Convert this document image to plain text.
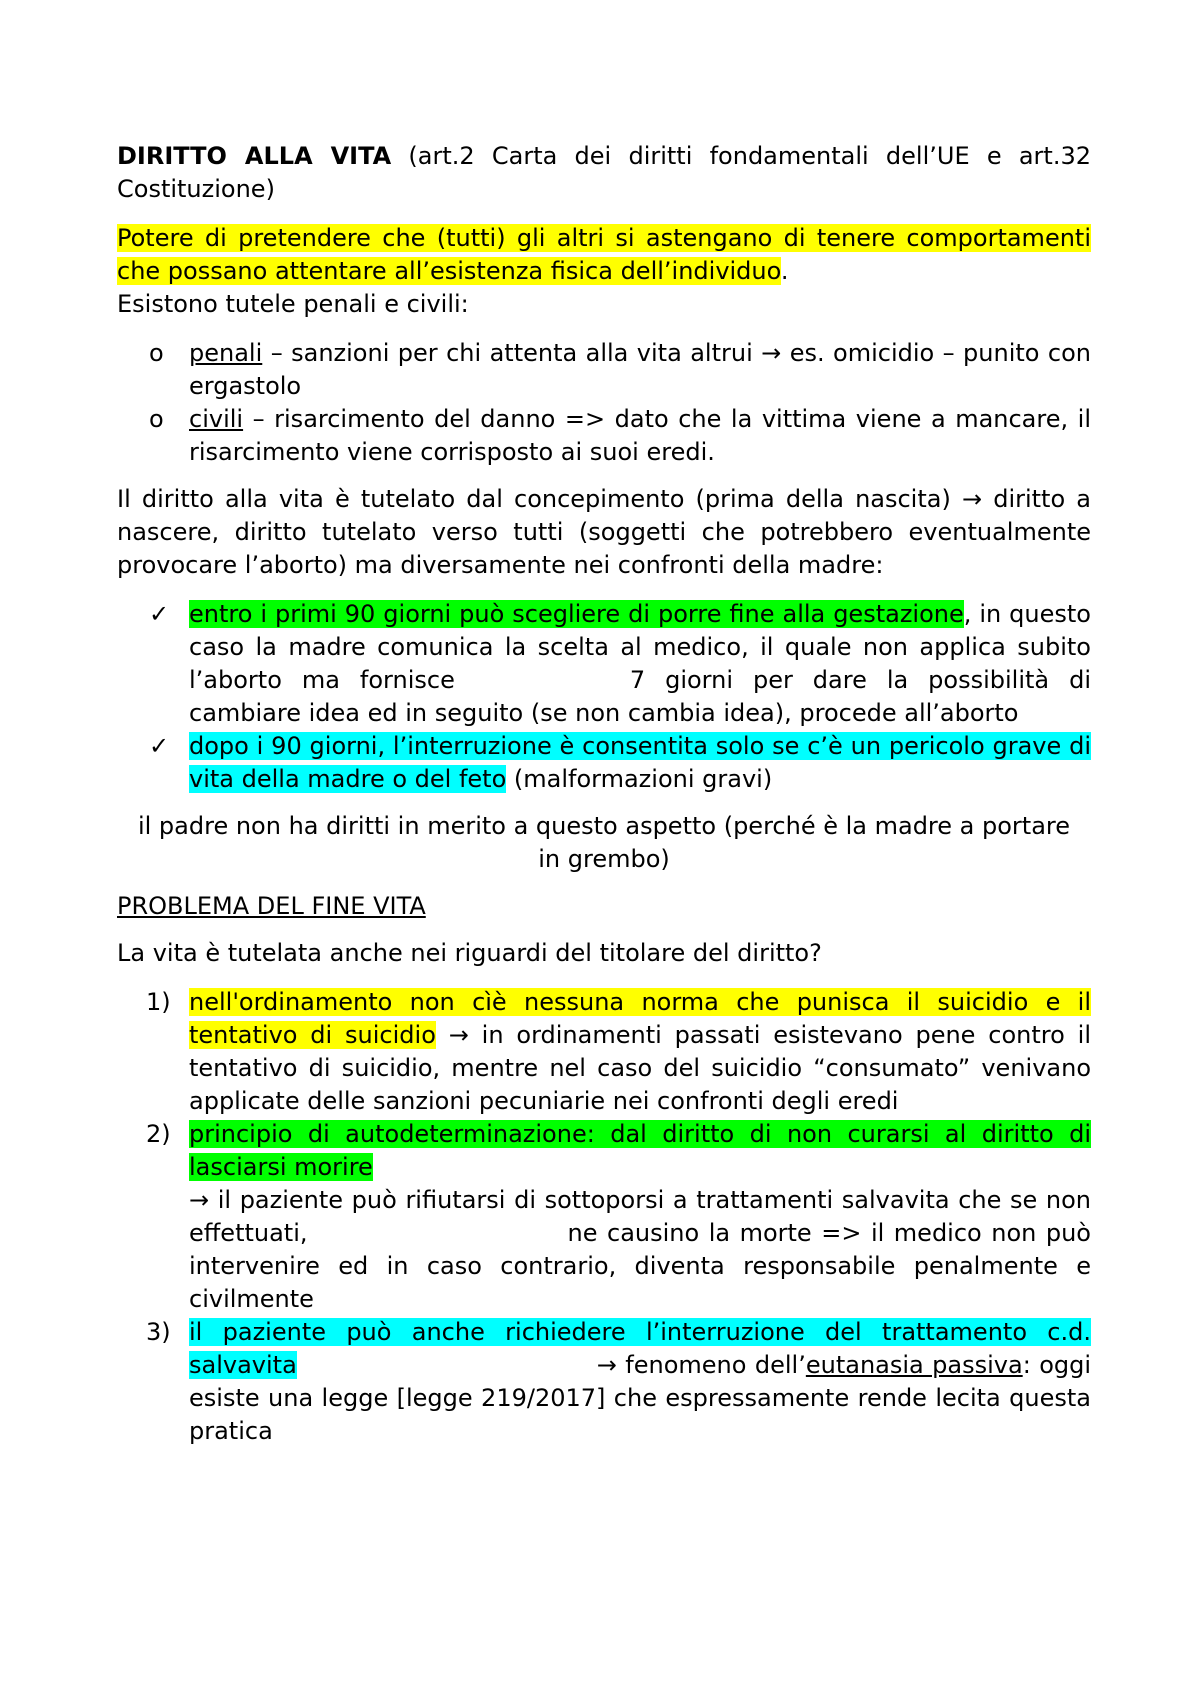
DIRITTO ALLA VITA (art.2 Carta dei diritti fondamentali dell’UE e art.32 Costituzione)

Potere di pretendere che (tutti) gli altri si astengano di tenere comportamenti che possano attentare all’esistenza fisica dell’individuo.
Esistono tutele penali e civili:

o penali – sanzioni per chi attenta alla vita altrui → es. omicidio – punito con ergastolo
o civili – risarcimento del danno => dato che la vittima viene a mancare, il risarcimento viene corrisposto ai suoi eredi.

Il diritto alla vita è tutelato dal concepimento (prima della nascita) → diritto a nascere, diritto tutelato verso tutti (soggetti che potrebbero eventualmente provocare l’aborto) ma diversamente nei confronti della madre:

✓ entro i primi 90 giorni può scegliere di porre fine alla gestazione, in questo caso la madre comunica la scelta al medico, il quale non applica subito l’aborto ma fornisce	7 giorni per dare la possibilità di cambiare idea ed in seguito (se non cambia idea), procede all’aborto
✓ dopo i 90 giorni, l’interruzione è consentita solo se c’è un pericolo grave di vita della madre o del feto (malformazioni gravi)

il padre non ha diritti in merito a questo aspetto (perché è la madre a portare in grembo)

PROBLEMA DEL FINE VITA

La vita è tutelata anche nei riguardi del titolare del diritto?

1) nell'ordinamento non cìè nessuna norma che punisca il suicidio e il tentativo di suicidio → in ordinamenti passati esistevano pene contro il tentativo di suicidio, mentre nel caso del suicidio “consumato” venivano applicate delle sanzioni pecuniarie nei confronti degli eredi
2) principio di autodeterminazione: dal diritto di non curarsi al diritto di lasciarsi morire
→ il paziente può rifiutarsi di sottoporsi a trattamenti salvavita che se non effettuati,	ne causino la morte => il medico non può intervenire ed in caso contrario, diventa responsabile penalmente e civilmente
3) il paziente può anche richiedere l’interruzione del trattamento c.d. salvavita	→ fenomeno dell’eutanasia passiva: oggi esiste una legge [legge 219/2017] che espressamente rende lecita questa pratica
